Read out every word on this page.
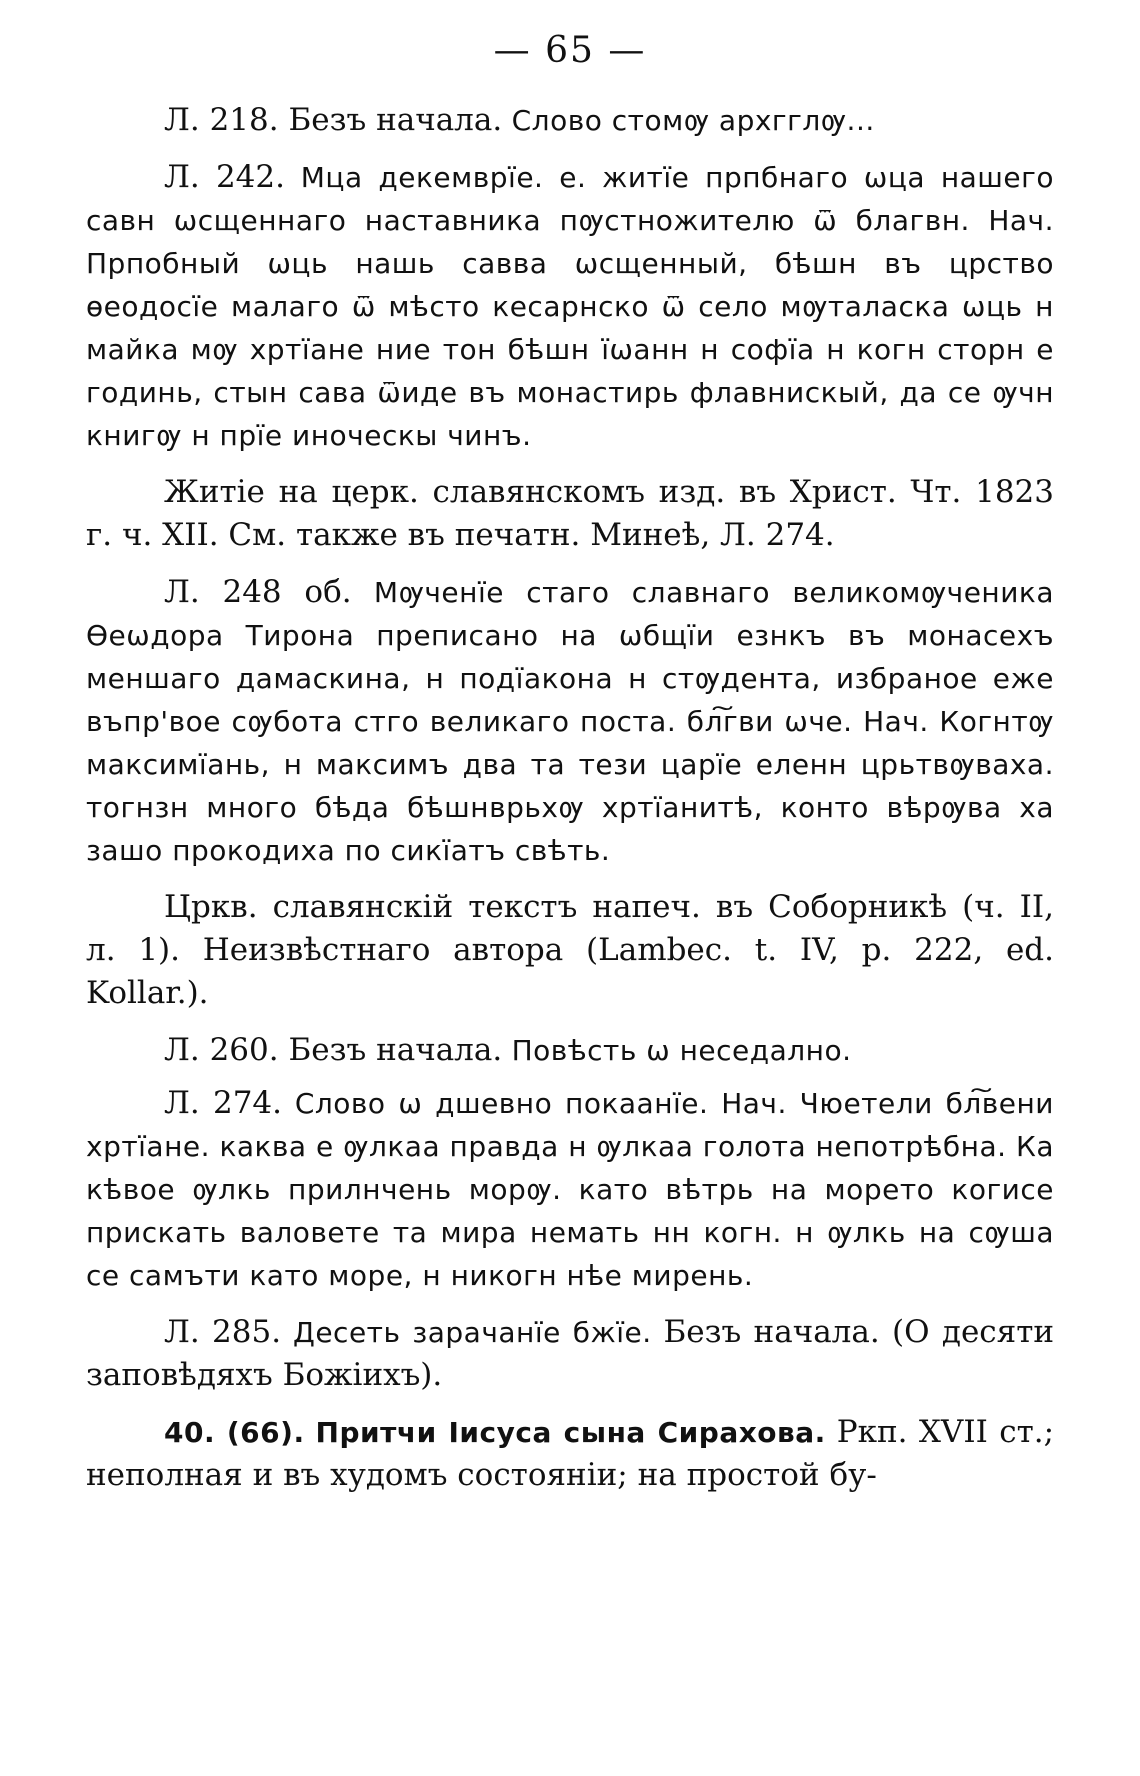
— 65 —

Л. 218. Безъ начала. Слово стомѹ архгглѹ...

Л. 242. Мца декемврїе. е. житїе прпбнаго ѡца нашего савн ѡсщеннаго наставника пѹстножителю ѿ благвн. Нач. Прпобный ѡць нашь савва ѡсщенный, бѣшн въ црство ѳеодосїе малаго ѿ мѣсто кесарнско ѿ село мѹталаска ѡць н майка мѹ хртїане ние тон бѣшн їѡанн н софїа н когн сторн е годинь, стын сава ѿиде въ монастирь флавнискый, да се ѹчн книгѹ н прїе иноческы чинъ.

Житіе на церк. славянскомъ изд. въ Христ. Чт. 1823 г. ч. XII. См. также въ печатн. Минеѣ, Л. 274.

Л. 248 об. Мѹченїе стаго славнаго великомѹченика Ѳеѡдора Тирона преписано на ѡбщїи езнкъ въ монасехъ меншаго дамаскина, н подїакона н стѹдента, избраное еже въпр'вое сѹбота стго великаго поста. бл͠гви ѡче. Нач. Когнтѹ максимїань, н максимъ два та тези царїе еленн црьтвѹваха. тогнзн много бѣда бѣшнврьхѹ хртїанитѣ, конто вѣрѹва ха зашо прокодиха по сикїатъ свѣть.

Цркв. славянскій текстъ напеч. въ Соборникѣ (ч. II, л. 1). Неизвѣстнаго автора (Lambec. t. IV, p. 222, ed. Kollar.).

Л. 260. Безъ начала. Повѣсть ѡ неседално.

Л. 274. Слово ѡ дшевно покаанїе. Нач. Чюетели бл͠вени хртїане. каква е ѹлкаа правда н ѹлкаа голота непотрѣбна. Ка кѣвое ѹлкь прилнчень морѹ. като вѣтрь на морето когисе прискать валовете та мира немать нн когн. н ѹлкь на сѹша се самъти като море, н никогн нѣе мирень.

Л. 285. Десеть зарачанїе бжїе. Безъ начала. (О десяти заповѣдяхъ Божіихъ).

40. (66). Притчи Іисуса сына Сирахова. Ркп. XVII ст.; неполная и въ худомъ состояніи; на простой бу-
